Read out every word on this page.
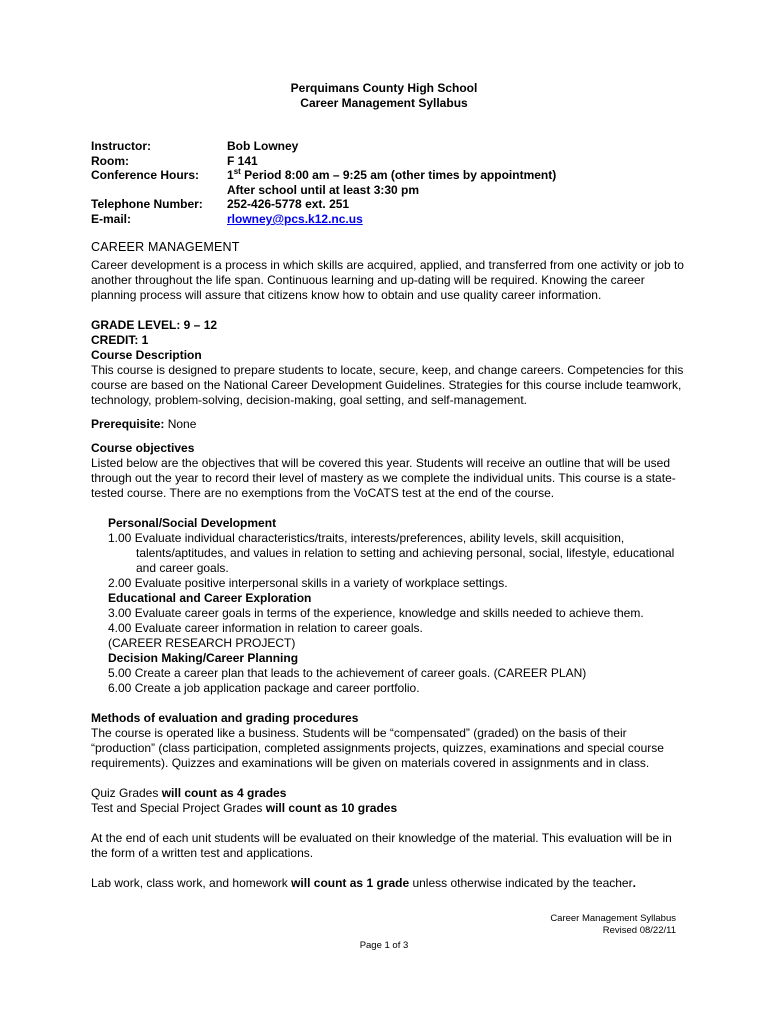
Perquimans County High School
Career Management Syllabus
Instructor:	Bob Lowney
Room:	F 141
Conference Hours:	1st Period 8:00 am – 9:25 am (other times by appointment)
After school until at least 3:30 pm
Telephone Number:	252-426-5778 ext. 251
E-mail:	rlowney@pcs.k12.nc.us
CAREER MANAGEMENT

Career development is a process in which skills are acquired, applied, and transferred from one activity or job to another throughout the life span. Continuous learning and up-dating will be required. Knowing the career planning process will assure that citizens know how to obtain and use quality career information.

GRADE LEVEL: 9 – 12
CREDIT: 1
Course Description

This course is designed to prepare students to locate, secure, keep, and change careers. Competencies for this course are based on the National Career Development Guidelines. Strategies for this course include teamwork, technology, problem-solving, decision-making, goal setting, and self-management.

Prerequisite: None

Course objectives

Listed below are the objectives that will be covered this year. Students will receive an outline that will be used through out the year to record their level of mastery as we complete the individual units. This course is a state-tested course. There are no exemptions from the VoCATS test at the end of the course.

Personal/Social Development

1.00 Evaluate individual characteristics/traits, interests/preferences, ability levels, skill acquisition, talents/aptitudes, and values in relation to setting and achieving personal, social, lifestyle, educational and career goals.

2.00 Evaluate positive interpersonal skills in a variety of workplace settings.

Educational and Career Exploration

3.00 Evaluate career goals in terms of the experience, knowledge and skills needed to achieve them.

4.00 Evaluate career information in relation to career goals.

(CAREER RESEARCH PROJECT)

Decision Making/Career Planning

5.00 Create a career plan that leads to the achievement of career goals. (CAREER PLAN)

6.00 Create a job application package and career portfolio.

Methods of evaluation and grading procedures

The course is operated like a business. Students will be “compensated” (graded) on the basis of their “production” (class participation, completed assignments projects, quizzes, examinations and special course requirements). Quizzes and examinations will be given on materials covered in assignments and in class.

Quiz Grades will count as 4 grades

Test and Special Project Grades will count as 10 grades

At the end of each unit students will be evaluated on their knowledge of the material. This evaluation will be in the form of a written test and applications.

Lab work, class work, and homework will count as 1 grade unless otherwise indicated by the teacher.

Career Management Syllabus
Revised 08/22/11
Page 1 of 3
